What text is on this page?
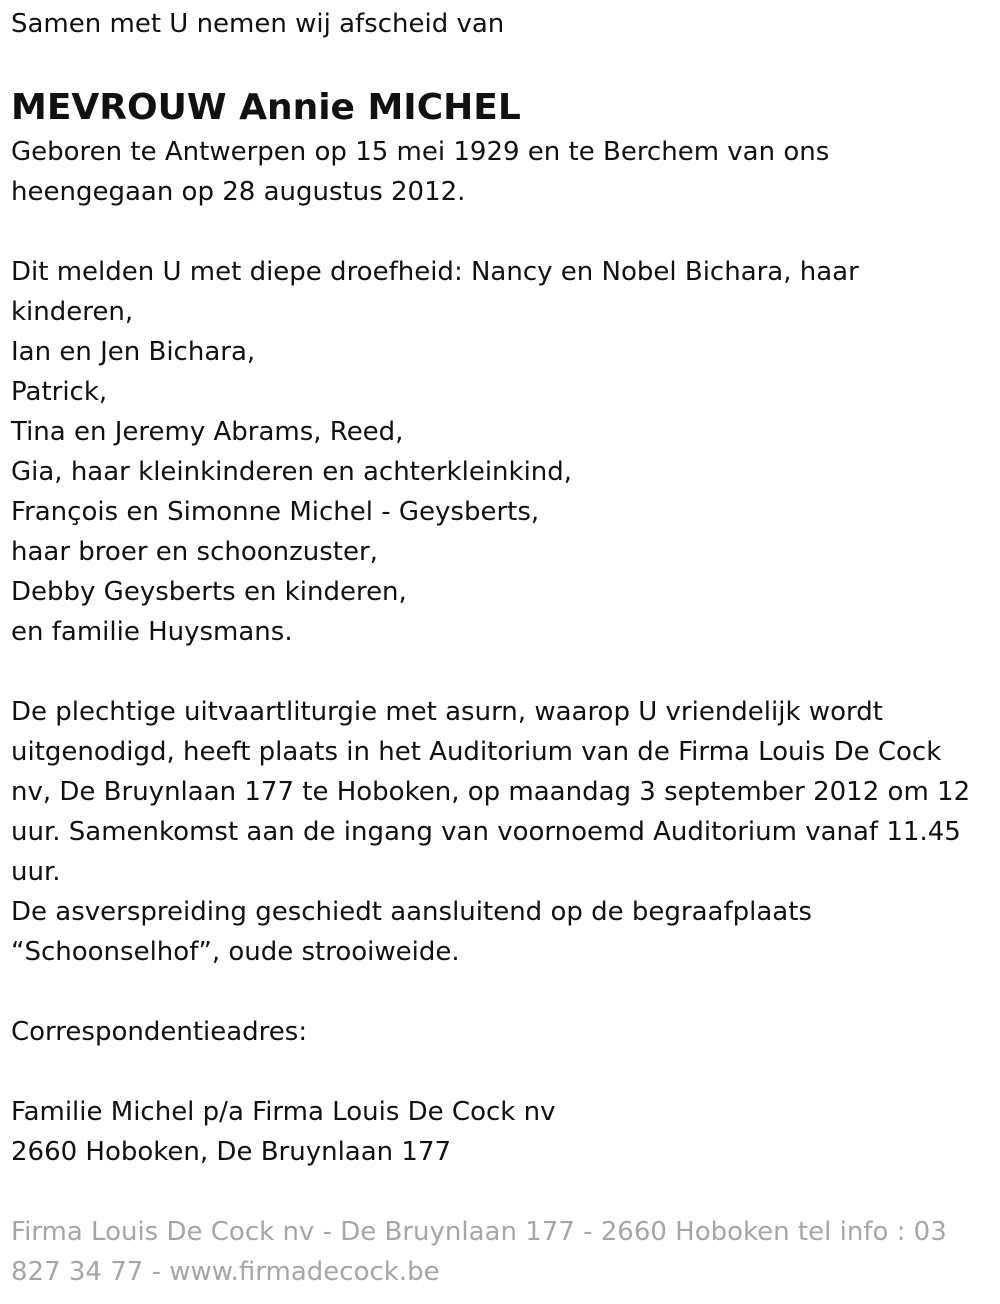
Samen met U nemen wij afscheid van

MEVROUW Annie MICHEL

Geboren te Antwerpen op 15 mei 1929 en te Berchem van ons

heengegaan op 28 augustus 2012.

Dit melden U met diepe droefheid: Nancy en Nobel Bichara, haar

kinderen,

Ian en Jen Bichara,

Patrick,

Tina en Jeremy Abrams, Reed,

Gia, haar kleinkinderen en achterkleinkind,

François en Simonne Michel - Geysberts,

haar broer en schoonzuster,

Debby Geysberts en kinderen,

en familie Huysmans.

De plechtige uitvaartliturgie met asurn, waarop U vriendelijk wordt

uitgenodigd, heeft plaats in het Auditorium van de Firma Louis De Cock

nv, De Bruynlaan 177 te Hoboken, op maandag 3 september 2012 om 12

uur. Samenkomst aan de ingang van voornoemd Auditorium vanaf 11.45

uur.

De asverspreiding geschiedt aansluitend op de begraafplaats

“Schoonselhof”, oude strooiweide.

Correspondentieadres:

Familie Michel p/a Firma Louis De Cock nv

2660 Hoboken, De Bruynlaan 177

Firma Louis De Cock nv - De Bruynlaan 177 - 2660 Hoboken tel info : 03

827 34 77 - www.firmadecock.be
